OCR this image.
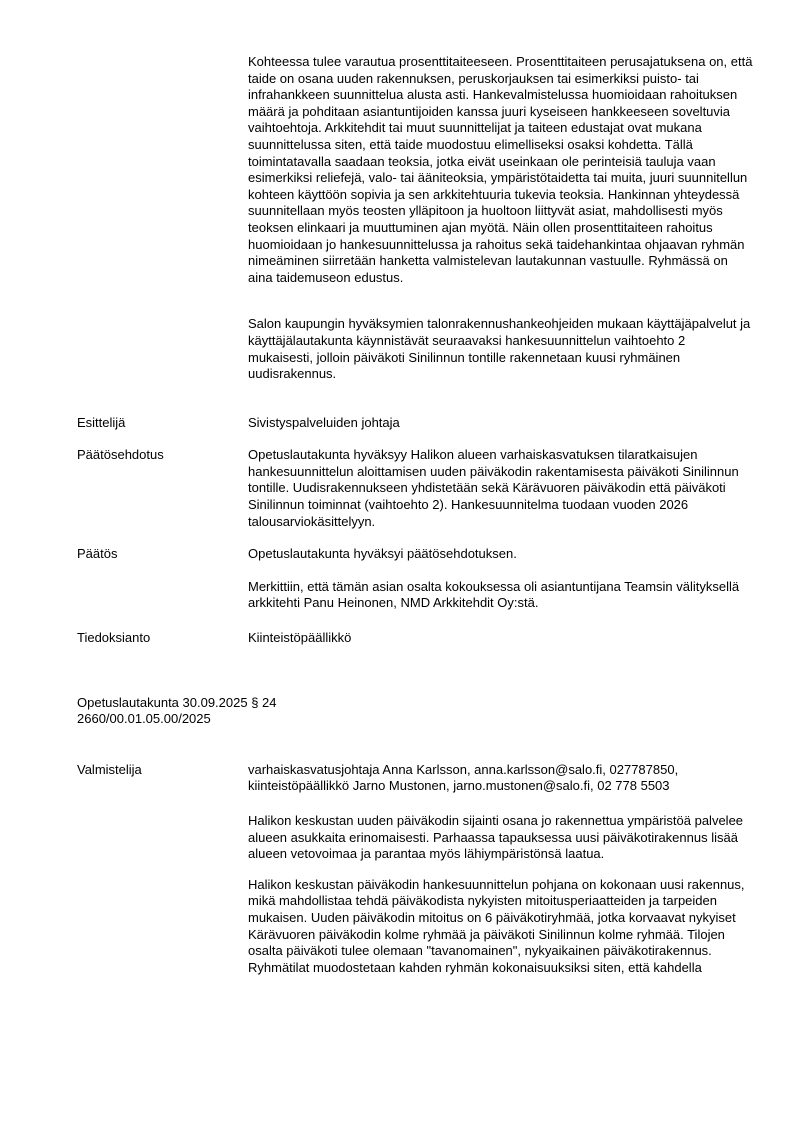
Kohteessa tulee varautua prosenttitaiteeseen. Prosenttitaiteen perusajatuksena on, että taide on osana uuden rakennuksen, peruskorjauksen tai esimerkiksi puisto- tai infrahankkeen suunnittelua alusta asti. Hankevalmistelussa huomioidaan rahoituksen määrä ja pohditaan asiantuntijoiden kanssa juuri kyseiseen hankkeeseen soveltuvia vaihtoehtoja. Arkkitehdit tai muut suunnittelijat ja taiteen edustajat ovat mukana suunnittelussa siten, että taide muodostuu elimelliseksi osaksi kohdetta. Tällä toimintatavalla saadaan teoksia, jotka eivät useinkaan ole perinteisiä tauluja vaan esimerkiksi reliefejä, valo- tai ääniteoksia, ympäristötaidetta tai muita, juuri suunnitellun kohteen käyttöön sopivia ja sen arkkitehtuuria tukevia teoksia. Hankinnan yhteydessä suunnitellaan myös teosten ylläpitoon ja huoltoon liittyvät asiat, mahdollisesti myös teoksen elinkaari ja muuttuminen ajan myötä. Näin ollen prosenttitaiteen rahoitus huomioidaan jo hankesuunnittelussa ja rahoitus sekä taidehankintaa ohjaavan ryhmän nimeäminen siirretään hanketta valmistelevan lautakunnan vastuulle. Ryhmässä on aina taidemuseon edustus.

Salon kaupungin hyväksymien talonrakennushankeohjeiden mukaan käyttäjäpalvelut ja käyttäjälautakunta käynnistävät seuraavaksi hankesuunnittelun vaihtoehto 2 mukaisesti, jolloin päiväkoti Sinilinnun tontille rakennetaan kuusi ryhmäinen uudisrakennus.

Esittelijä	Sivistyspalveluiden johtaja

Päätösehdotus	Opetuslautakunta hyväksyy Halikon alueen varhaiskasvatuksen tilaratkaisujen hankesuunnittelun aloittamisen uuden päiväkodin rakentamisesta päiväkoti Sinilinnun tontille. Uudisrakennukseen yhdistetään sekä Kärävuoren päiväkodin että päiväkoti Sinilinnun toiminnat (vaihtoehto 2). Hankesuunnitelma tuodaan vuoden 2026 talousarviokäsittelyyn.

Päätös	Opetuslautakunta hyväksyi päätösehdotuksen.

Merkittiin, että tämän asian osalta kokouksessa oli asiantuntijana Teamsin välityksellä arkkitehti Panu Heinonen, NMD Arkkitehdit Oy:stä.

Tiedoksianto	Kiinteistöpäällikkö

Opetuslautakunta 30.09.2025 § 24

2660/00.01.05.00/2025

Valmistelija	varhaiskasvatusjohtaja Anna Karlsson, anna.karlsson@salo.fi, 027787850, kiinteistöpäällikkö Jarno Mustonen, jarno.mustonen@salo.fi, 02 778 5503

Halikon keskustan uuden päiväkodin sijainti osana jo rakennettua ympäristöä palvelee alueen asukkaita erinomaisesti. Parhaassa tapauksessa uusi päiväkotirakennus lisää alueen vetovoimaa ja parantaa myös lähiympäristönsä laatua.

Halikon keskustan päiväkodin hankesuunnittelun pohjana on kokonaan uusi rakennus, mikä mahdollistaa tehdä päiväkodista nykyisten mitoitusperiaatteiden ja tarpeiden mukaisen. Uuden päiväkodin mitoitus on 6 päiväkotiryhmää, jotka korvaavat nykyiset Kärävuoren päiväkodin kolme ryhmää ja päiväkoti Sinilinnun kolme ryhmää. Tilojen osalta päiväkoti tulee olemaan "tavanomainen", nykyaikainen päiväkotirakennus. Ryhmätilat muodostetaan kahden ryhmän kokonaisuuksiksi siten, että kahdella
